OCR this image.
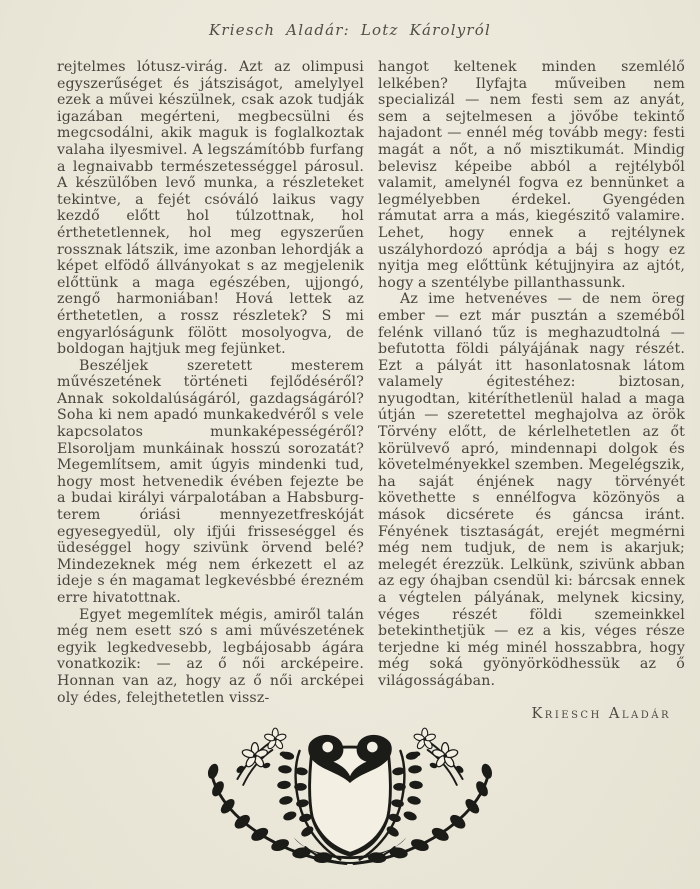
Kriesch Aladár: Lotz Károlyról

rejtelmes lótusz-virág. Azt az olimpusi egyszerűséget és játsziságot, amelylyel ezek a művei készülnek, csak azok tudják igazában megérteni, megbecsülni és megcsodálni, akik maguk is foglalkoztak valaha ilyesmivel. A legszámítóbb furfang a legnaivabb természetességgel párosul. A készülőben levő munka, a részleteket tekintve, a fejét csóváló laikus vagy kezdő előtt hol túlzottnak, hol érthetetlennek, hol meg egyszerűen rossznak látszik, ime azonban lehordják a képet elfödő állványokat s az megjelenik előttünk a maga egészében, ujjongó, zengő harmoniában! Hová lettek az érthetetlen, a rossz részletek? S mi engyarlóságunk fölött mosolyogva, de boldogan hajtjuk meg fejünket.

Beszéljek szeretett mesterem művészetének történeti fejlődéséről? Annak sokoldalúságáról, gazdagságáról? Soha ki nem apadó munkakedvéről s vele kapcsolatos munkaképességéről? Elsoroljam munkáinak hosszú sorozatát? Megemlítsem, amit úgyis mindenki tud, hogy most hetvenedik évében fejezte be a budai királyi várpalotában a Habsburg-terem óriási mennyezetfreskóját egyesegyedül, oly ifjúi frisseséggel és üdeséggel hogy szivünk örvend belé? Mindezeknek még nem érkezett el az ideje s én magamat legkevésbbé érezném erre hivatottnak.

Egyet megemlítek mégis, amiről talán még nem esett szó s ami művészetének egyik legkedvesebb, legbájosabb ágára vonatkozik: — az ő női arcképeire. Honnan van az, hogy az ő női arcképei oly édes, felejthetetlen vissz-

hangot keltenek minden szemlélő lelkében? Ilyfajta műveiben nem specializál — nem festi sem az anyát, sem a sejtelmesen a jövőbe tekintő hajadont — ennél még tovább megy: festi magát a nőt, a nő misztikumát. Mindig belevisz képeibe abból a rejtélyből valamit, amelynél fogva ez bennünket a legmélyebben érdekel. Gyengéden rámutat arra a más, kiegészitő valamire. Lehet, hogy ennek a rejtélynek uszályhordozó apródja a báj s hogy ez nyitja meg előttünk kétujjnyira az ajtót, hogy a szentélybe pillanthassunk.

Az ime hetvenéves — de nem öreg ember — ezt már pusztán a szeméből felénk villanó tűz is meghazudtolná — befutotta földi pályájának nagy részét. Ezt a pályát itt hasonlatosnak látom valamely égitestéhez: biztosan, nyugodtan, kitéríthetlenül halad a maga útján — szeretettel meghajolva az örök Törvény előtt, de kérlelhetetlen az őt körülvevő apró, mindennapi dolgok és követelményekkel szemben. Megelégszik, ha saját énjének nagy törvényét követhette s ennélfogva közönyös a mások dicsérete és gáncsa iránt. Fényének tisztaságát, erejét megmérni még nem tudjuk, de nem is akarjuk; melegét érezzük. Lelkünk, szivünk abban az egy óhajban csendül ki: bárcsak ennek a végtelen pályának, melynek kicsiny, véges részét földi szemeinkkel betekinthetjük — ez a kis, véges része terjedne ki még minél hosszabbra, hogy még soká gyönyörködhessük az ő világosságában.

Kriesch Aladár
